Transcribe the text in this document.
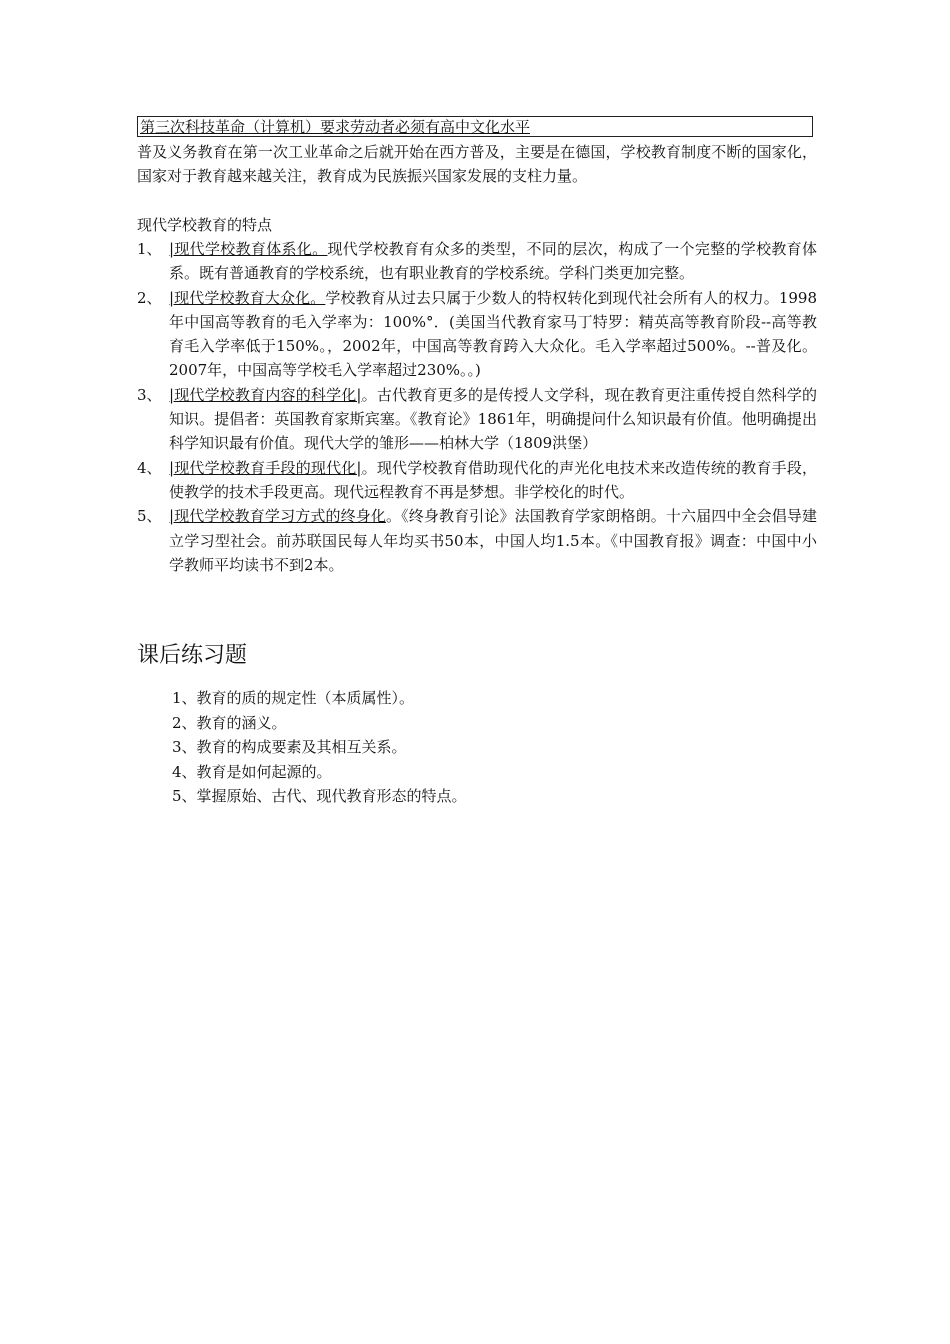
第三次科技革命（计算机）要求劳动者必须有高中文化水平
普及义务教育在第一次工业革命之后就开始在西方普及，主要是在德国，学校教育制度不断的国家化，国家对于教育越来越关注，教育成为民族振兴国家发展的支柱力量。
现代学校教育的特点
1、 |现代学校教育体系化。现代学校教育有众多的类型，不同的层次，构成了一个完整的学校教育体系。既有普通教育的学校系统，也有职业教育的学校系统。学科门类更加完整。
2、 |现代学校教育大众化。学校教育从过去只属于少数人的特权转化到现代社会所有人的权力。1998年中国高等教育的毛入学率为：100%°．(美国当代教育家马丁特罗：精英高等教育阶段--高等教育毛入学率低于150%。，2002年，中国高等教育跨入大众化。毛入学率超过500%。--普及化。2007年，中国高等学校毛入学率超过230%。。)
3、 |现代学校教育内容的科学化|。古代教育更多的是传授人文学科，现在教育更注重传授自然科学的知识。提倡者：英国教育家斯宾塞。《教育论》1861年，明确提问什么知识最有价值。他明确提出科学知识最有价值。现代大学的雏形——柏林大学（1809洪堡）
4、 |现代学校教育手段的现代化|。现代学校教育借助现代化的声光化电技术来改造传统的教育手段，使教学的技术手段更高。现代远程教育不再是梦想。非学校化的时代。
5、 |现代学校教育学习方式的终身化。《终身教育引论》法国教育学家朗格朗。十六届四中全会倡导建立学习型社会。前苏联国民每人年均买书50本，中国人均1.5本。《中国教育报》调查：中国中小学教师平均读书不到2本。
课后练习题
1、教育的质的规定性（本质属性）。
2、教育的涵义。
3、教育的构成要素及其相互关系。
4、教育是如何起源的。
5、掌握原始、古代、现代教育形态的特点。
